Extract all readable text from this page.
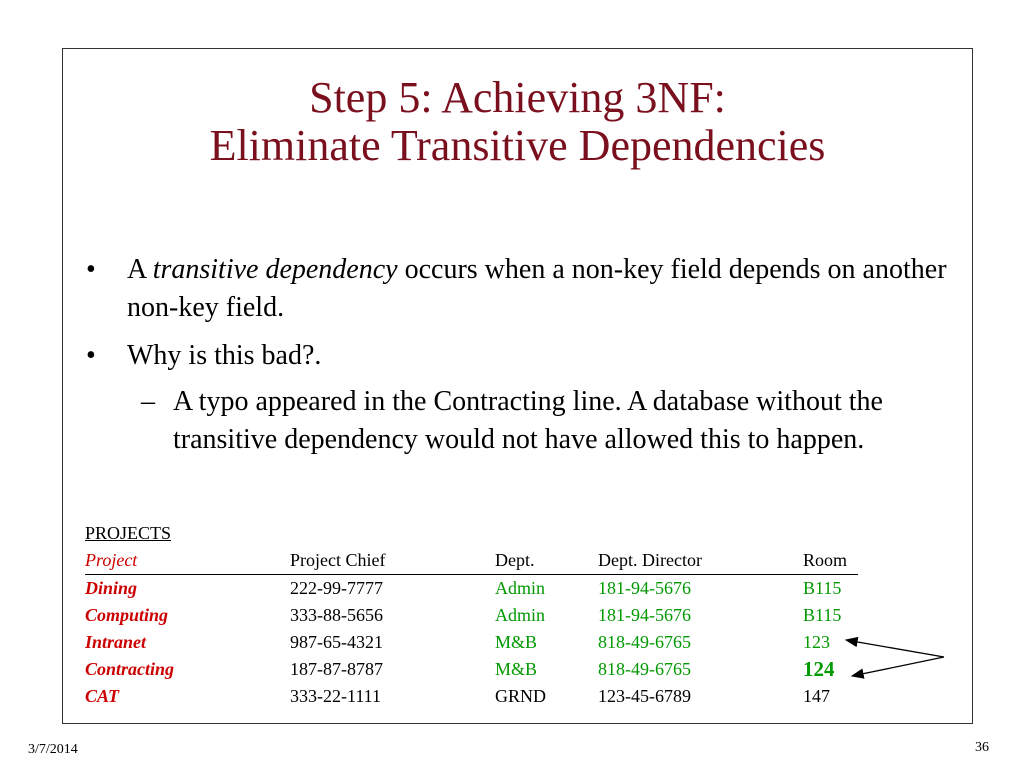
Step 5: Achieving 3NF:
Eliminate Transitive Dependencies
• A transitive dependency occurs when a non-key field depends on another non-key field.
• Why is this bad?.
– A typo appeared in the Contracting line. A database without the transitive dependency would not have allowed this to happen.
PROJECTS
Project	Project Chief	Dept.	Dept. Director	Room
Dining	222-99-7777	Admin	181-94-5676	B115
Computing	333-88-5656	Admin	181-94-5676	B115
Intranet	987-65-4321	M&B	818-49-6765	123
Contracting	187-87-8787	M&B	818-49-6765	124
CAT	333-22-1111	GRND	123-45-6789	147
3/7/2014	36
